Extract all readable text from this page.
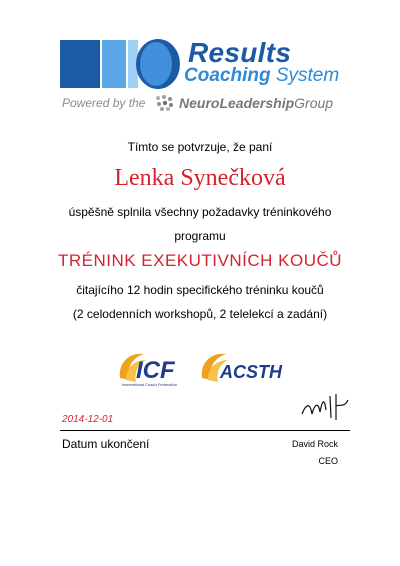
Results
Coaching System
Powered by the NeuroLeadershipGroup
Tímto se potvrzuje, že paní
Lenka Synečková
úspěšně splnila všechny požadavky tréninkového
programu
TRÉNINK EXEKUTIVNÍCH KOUČŮ
čitajícího 12 hodin specifického tréninku koučů
(2 celodenních workshopů, 2 telelekcí a zadání)
ICF
International Coach Federation
ACSTH
2014-12-01
Datum ukončení	David Rock
CEO
